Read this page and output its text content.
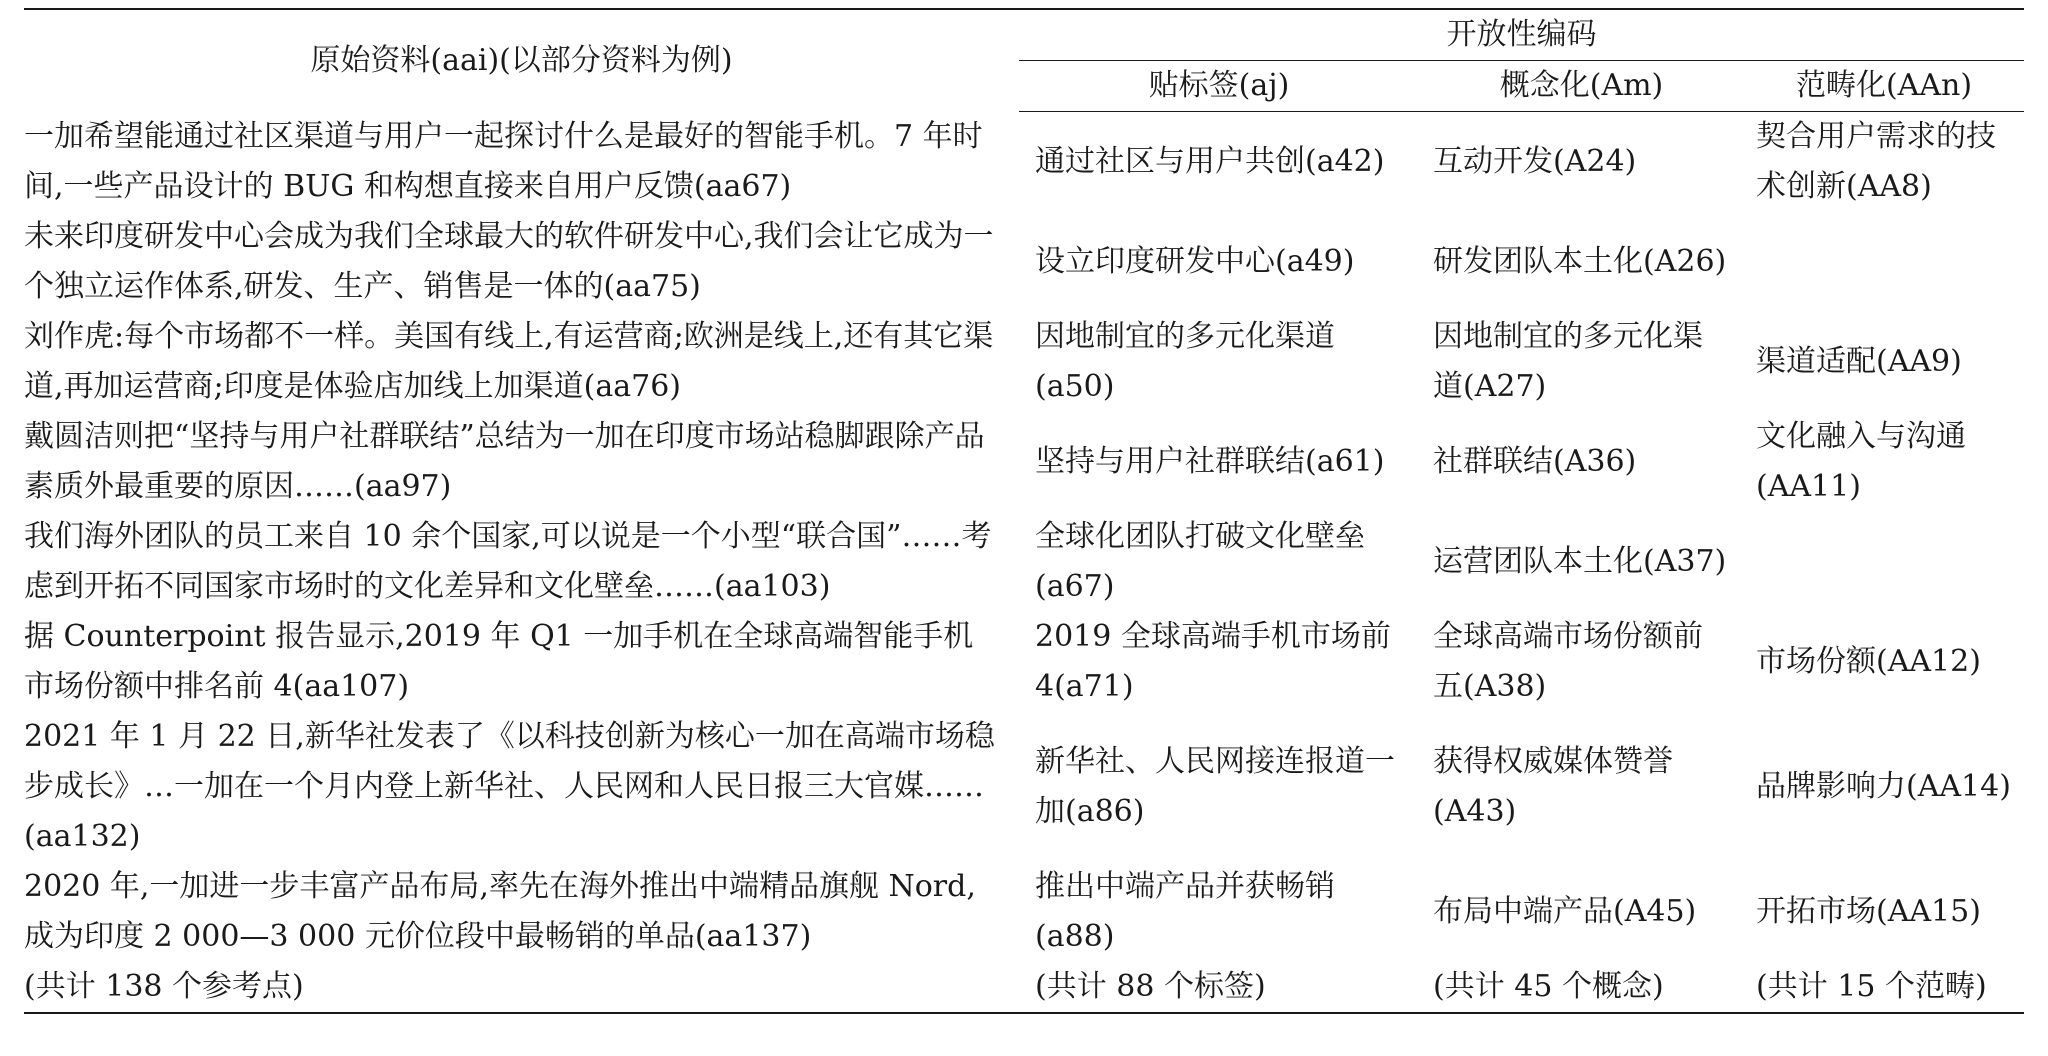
原始资料(aai)(以部分资料为例)	开放性编码		
	贴标签(aj)	概念化(Am)	范畴化(AAn)
一加希望能通过社区渠道与用户一起探讨什么是最好的智能手机。7 年时间,一些产品设计的 BUG 和构想直接来自用户反馈(aa67)	通过社区与用户共创(a42)	互动开发(A24)	契合用户需求的技术创新(AA8)
未来印度研发中心会成为我们全球最大的软件研发中心,我们会让它成为一个独立运作体系,研发、生产、销售是一体的(aa75)	设立印度研发中心(a49)	研发团队本土化(A26)	
刘作虎:每个市场都不一样。美国有线上,有运营商;欧洲是线上,还有其它渠道,再加运营商;印度是体验店加线上加渠道(aa76)	因地制宜的多元化渠道(a50)	因地制宜的多元化渠道(A27)	渠道适配(AA9)
戴圆洁则把“坚持与用户社群联结”总结为一加在印度市场站稳脚跟除产品素质外最重要的原因……(aa97)	坚持与用户社群联结(a61)	社群联结(A36)	文化融入与沟通(AA11)
我们海外团队的员工来自 10 余个国家,可以说是一个小型“联合国”……考虑到开拓不同国家市场时的文化差异和文化壁垒……(aa103)	全球化团队打破文化壁垒(a67)	运营团队本土化(A37)	
据 Counterpoint 报告显示,2019 年 Q1 一加手机在全球高端智能手机市场份额中排名前 4(aa107)	2019 全球高端手机市场前 4(a71)	全球高端市场份额前五(A38)	市场份额(AA12)
2021 年 1 月 22 日,新华社发表了《以科技创新为核心一加在高端市场稳步成长》…一加在一个月内登上新华社、人民网和人民日报三大官媒……(aa132)	新华社、人民网接连报道一加(a86)	获得权威媒体赞誉(A43)	品牌影响力(AA14)
2020 年,一加进一步丰富产品布局,率先在海外推出中端精品旗舰 Nord,成为印度 2 000—3 000 元价位段中最畅销的单品(aa137)	推出中端产品并获畅销(a88)	布局中端产品(A45)	开拓市场(AA15)
(共计 138 个参考点)	(共计 88 个标签)	(共计 45 个概念)	(共计 15 个范畴)
